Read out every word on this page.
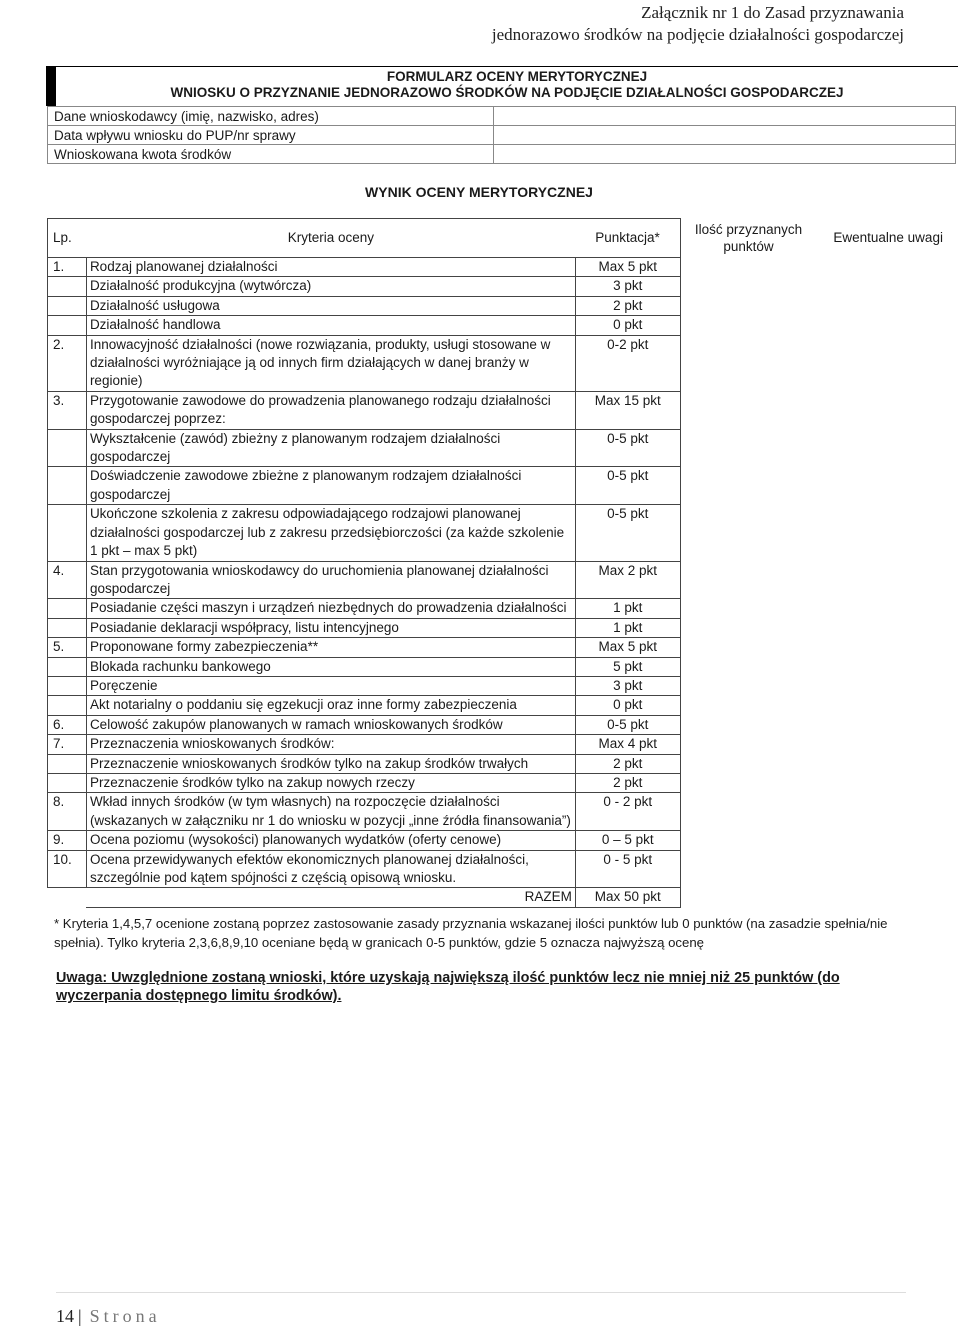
Załącznik nr 1 do Zasad przyznawania
jednorazowo środków na podjęcie działalności gospodarczej
FORMULARZ OCENY MERYTORYCZNEJ
WNIOSKU O PRZYZNANIE JEDNORAZOWO ŚRODKÓW NA PODJĘCIE DZIAŁALNOŚCI GOSPODARCZEJ
Dane wnioskodawcy (imię, nazwisko, adres)	
Data wpływu wniosku do PUP/nr sprawy	
Wnioskowana kwota środków	
WYNIK OCENY MERYTORYCZNEJ
Lp.	Kryteria oceny	Punktacja*	Ilość przyznanych punktów	Ewentualne uwagi
1.	Rodzaj planowanej działalności	Max 5 pkt		
	Działalność produkcyjna (wytwórcza)	3 pkt		
	Działalność usługowa	2 pkt		
	Działalność handlowa	0 pkt		
2.	Innowacyjność działalności (nowe rozwiązania, produkty, usługi stosowane w działalności wyróżniające ją od innych firm działających w danej branży w regionie)	0-2 pkt		
3.	Przygotowanie zawodowe do prowadzenia planowanego rodzaju działalności gospodarczej poprzez:	Max 15 pkt		
	Wykształcenie (zawód) zbieżny z planowanym rodzajem działalności gospodarczej	0-5 pkt		
	Doświadczenie zawodowe zbieżne z planowanym rodzajem działalności gospodarczej	0-5 pkt		
	Ukończone szkolenia z zakresu odpowiadającego rodzajowi planowanej działalności gospodarczej lub z zakresu przedsiębiorczości (za każde szkolenie 1 pkt – max 5 pkt)	0-5 pkt		
4.	Stan przygotowania wnioskodawcy do uruchomienia planowanej działalności gospodarczej	Max 2 pkt		
	Posiadanie części maszyn i urządzeń niezbędnych do prowadzenia działalności	1 pkt		
	Posiadanie deklaracji współpracy, listu intencyjnego	1 pkt		
5.	Proponowane formy zabezpieczenia**	Max 5 pkt		
	Blokada rachunku bankowego	5 pkt		
	Poręczenie	3 pkt		
	Akt notarialny o poddaniu się egzekucji oraz inne formy zabezpieczenia	0 pkt		
6.	Celowość zakupów planowanych w ramach wnioskowanych środków	0-5 pkt		
7.	Przeznaczenia wnioskowanych środków:	Max 4 pkt		
	Przeznaczenie wnioskowanych środków tylko na zakup środków trwałych	2 pkt		
	Przeznaczenie środków tylko na zakup nowych rzeczy	2 pkt		
8.	Wkład innych środków (w tym własnych) na rozpoczęcie działalności (wskazanych w załączniku nr 1 do wniosku w pozycji „inne źródła finansowania”)	0 - 2 pkt		
9.	Ocena poziomu (wysokości) planowanych wydatków (oferty cenowe)	0 – 5 pkt		
10.	Ocena przewidywanych efektów ekonomicznych planowanej działalności, szczególnie pod kątem spójności z częścią opisową wniosku.	0 - 5 pkt		
	RAZEM	Max 50 pkt		
* Kryteria 1,4,5,7 ocenione zostaną poprzez zastosowanie zasady przyznania wskazanej ilości punktów lub 0 punktów (na zasadzie spełnia/nie spełnia). Tylko kryteria 2,3,6,8,9,10 oceniane będą w granicach 0-5 punktów, gdzie 5 oznacza najwyższą ocenę
Uwaga: Uwzględnione zostaną wnioski, które uzyskają największą ilość punktów lecz nie mniej niż 25 punktów (do wyczerpania dostępnego limitu środków).
14 | Strona
